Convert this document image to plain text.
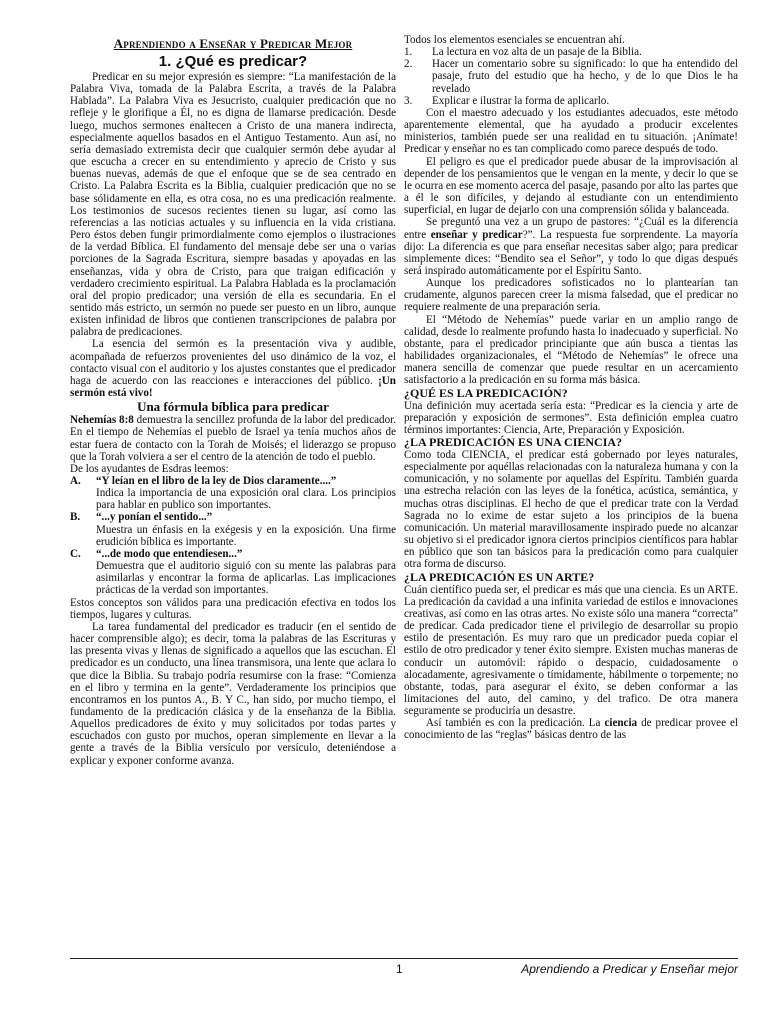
Aprendiendo a Enseñar y Predicar Mejor
1. ¿Qué es predicar?

Predicar en su mejor expresión es siempre: “La manifestación de la Palabra Viva, tomada de la Palabra Escrita, a través de la Palabra Hablada”. La Palabra Viva es Jesucristo, cualquier predicación que no refleje y le glorifique a Él, no es digna de llamarse predicación. Desde luego, muchos sermones enaltecen a Cristo de una manera indirecta, especialmente aquellos basados en el Antiguo Testamento. Aun así, no sería demasiado extremista decir que cualquier sermón debe ayudar al que escucha a crecer en su entendimiento y aprecio de Cristo y sus buenas nuevas, además de que el enfoque que se de sea centrado en Cristo. La Palabra Escrita es la Biblia, cualquier predicación que no se base sólidamente en ella, es otra cosa, no es una predicación realmente. Los testimonios de sucesos recientes tienen su lugar, así como las referencias a las noticias actuales y su influencia en la vida cristiana. Pero éstos deben fungir primordialmente como ejemplos o ilustraciones de la verdad Bíblica. El fundamento del mensaje debe ser una o varias porciones de la Sagrada Escritura, siempre basadas y apoyadas en las enseñanzas, vida y obra de Cristo, para que traigan edificación y verdadero crecimiento espiritual. La Palabra Hablada es la proclamación oral del propio predicador; una versión de ella es secundaria. En el sentido más estricto, un sermón no puede ser puesto en un libro, aunque existen infinidad de libros que contienen transcripciones de palabra por palabra de predicaciones.

La esencia del sermón es la presentación viva y audible, acompañada de refuerzos provenientes del uso dinámico de la voz, el contacto visual con el auditorio y los ajustes constantes que el predicador haga de acuerdo con las reacciones e interacciones del público. ¡Un sermón está vivo!

Una fórmula bíblica para predicar

Nehemías 8:8 demuestra la sencillez profunda de la labor del predicador. En el tiempo de Nehemías el pueblo de Israel ya tenía muchos años de estar fuera de contacto con la Torah de Moisés; el liderazgo se propuso que la Torah volviera a ser el centro de la atención de todo el pueblo.

De los ayudantes de Esdras leemos:

A.	“Y leían en el libro de la ley de Dios claramente....”
Indica la importancia de una exposición oral clara. Los principios para hablar en publico son importantes.
B.	“...y ponían el sentido...”
Muestra un énfasis en la exégesis y en la exposición. Una firme erudición bíblica es importante.
C.	“...de modo que entendiesen...”
Demuestra que el auditorio siguió con su mente las palabras para asimilarlas y encontrar la forma de aplicarlas. Las implicaciones prácticas de la verdad son importantes.

Estos conceptos son válidos para una predicación efectiva en todos los tiempos, lugares y culturas.

La tarea fundamental del predicador es traducir (en el sentido de hacer comprensible algo); es decir, toma la palabras de las Escrituras y las presenta vivas y llenas de significado a aquellos que las escuchan. El predicador es un conducto, una línea transmisora, una lente que aclara lo que dice la Biblia. Su trabajo podría resumirse con la frase: “Comienza en el libro y termina en la gente”. Verdaderamente los principios que encontramos en los puntos A., B. Y C., han sido, por mucho tiempo, el fundamento de la predicación clásica y de la enseñanza de la Biblia. Aquellos predicadores de éxito y muy solicitados por todas partes y escuchados con gusto por muchos, operan simplemente en llevar a la gente a través de la Biblia versículo por versículo, deteniéndose a explicar y exponer conforme avanza.

Todos los elementos esenciales se encuentran ahí.

1.	La lectura en voz alta de un pasaje de la Biblia.
2.	Hacer un comentario sobre su significado: lo que ha entendido del pasaje, fruto del estudio que ha hecho, y de lo que Dios le ha revelado
3.	Explicar e ilustrar la forma de aplicarlo.

Con el maestro adecuado y los estudiantes adecuados, este método aparentemente elemental, que ha ayudado a producir excelentes ministerios, también puede ser una realidad en tu situación. ¡Anímate! Predicar y enseñar no es tan complicado como parece después de todo.

El peligro es que el predicador puede abusar de la improvisación al depender de los pensamientos que le vengan en la mente, y decir lo que se le ocurra en ese momento acerca del pasaje, pasando por alto las partes que a él le son difíciles, y dejando al estudiante con un entendimiento superficial, en lugar de dejarlo con una comprensión sólida y balanceada.

Se preguntó una vez a un grupo de pastores: “¿Cuál es la diferencia entre enseñar y predicar?”. La respuesta fue sorprendente. La mayoría dijo: La diferencia es que para enseñar necesitas saber algo; para predicar simplemente dices: “Bendito sea el Señor”, y todo lo que digas después será inspirado automáticamente por el Espíritu Santo.

Aunque los predicadores sofisticados no lo plantearían tan crudamente, algunos parecen creer la misma falsedad, que el predicar no requiere realmente de una preparación seria.

El “Método de Nehemías” puede variar en un amplio rango de calidad, desde lo realmente profundo hasta lo inadecuado y superficial. No obstante, para el predicador principiante que aún busca a tientas las habilidades organizacionales, el “Método de Nehemías” le ofrece una manera sencilla de comenzar que puede resultar en un acercamiento satisfactorio a la predicación en su forma más básica.

¿QUÉ ES LA PREDICACIÓN?

Una definición muy acertada sería esta: “Predicar es la ciencia y arte de preparación y exposición de sermones”. Esta definición emplea cuatro términos importantes: Ciencia, Arte, Preparación y Exposición.

¿LA PREDICACIÓN ES UNA CIENCIA?

Como toda CIENCIA, el predicar está gobernado por leyes naturales, especialmente por aquéllas relacionadas con la naturaleza humana y con la comunicación, y no solamente por aquellas del Espíritu. También guarda una estrecha relación con las leyes de la fonética, acústica, semántica, y muchas otras disciplinas. El hecho de que el predicar trate con la Verdad Sagrada no lo exime de estar sujeto a los principios de la buena comunicación. Un material maravillosamente inspirado puede no alcanzar su objetivo si el predicador ignora ciertos principios científicos para hablar en público que son tan básicos para la predicación como para cualquier otra forma de discurso.

¿LA PREDICACIÓN ES UN ARTE?

Cuán científico pueda ser, el predicar es más que una ciencia. Es un ARTE. La predicación da cavidad a una infinita variedad de estilos e innovaciones creativas, así como en las otras artes. No existe sólo una manera “correcta” de predicar. Cada predicador tiene el privilegio de desarrollar su propio estilo de presentación. Es muy raro que un predicador pueda copiar el estilo de otro predicador y tener éxito siempre. Existen muchas maneras de conducir un automóvil: rápido o despacio, cuidadosamente o alocadamente, agresivamente o tímidamente, hábilmente o torpemente; no obstante, todas, para asegurar el éxito, se deben conformar a las limitaciones del auto, del camino, y del trafico. De otra manera seguramente se produciría un desastre.

Así también es con la predicación. La ciencia de predicar provee el conocimiento de las “reglas” básicas dentro de las

1	Aprendiendo a Predicar y Enseñar mejor
